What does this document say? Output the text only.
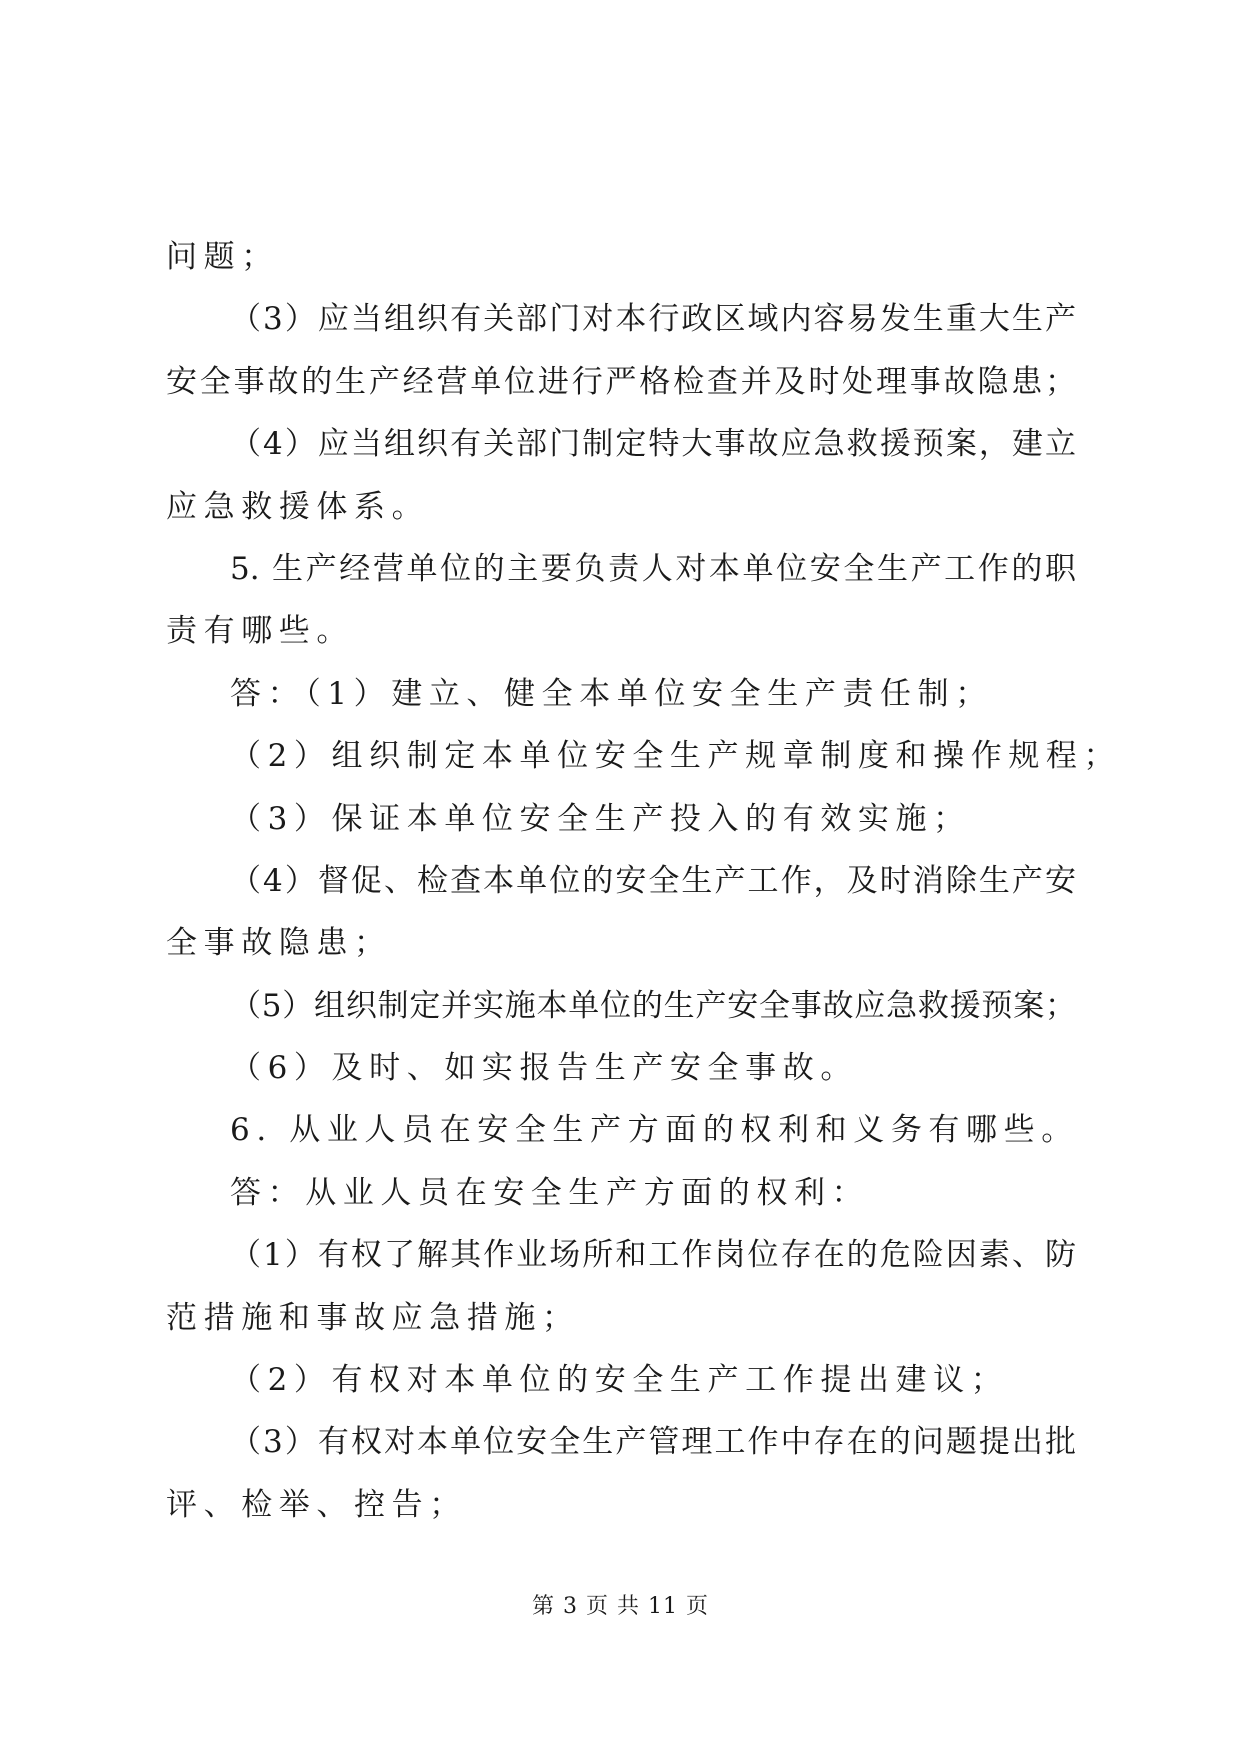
问题；
（3）应当组织有关部门对本行政区域内容易发生重大生产
安全事故的生产经营单位进行严格检查并及时处理事故隐患；
（4）应当组织有关部门制定特大事故应急救援预案，建立
应急救援体系。
5. 生产经营单位的主要负责人对本单位安全生产工作的职
责有哪些。
答：（1）建立、健全本单位安全生产责任制；
（2）组织制定本单位安全生产规章制度和操作规程；
（3）保证本单位安全生产投入的有效实施；
（4）督促、检查本单位的安全生产工作，及时消除生产安
全事故隐患；
（5）组织制定并实施本单位的生产安全事故应急救援预案；
（6）及时、如实报告生产安全事故。
6. 从业人员在安全生产方面的权利和义务有哪些。
答：从业人员在安全生产方面的权利：
（1）有权了解其作业场所和工作岗位存在的危险因素、防
范措施和事故应急措施；
（2）有权对本单位的安全生产工作提出建议；
（3）有权对本单位安全生产管理工作中存在的问题提出批
评、检举、控告；
第 3 页 共 11 页
